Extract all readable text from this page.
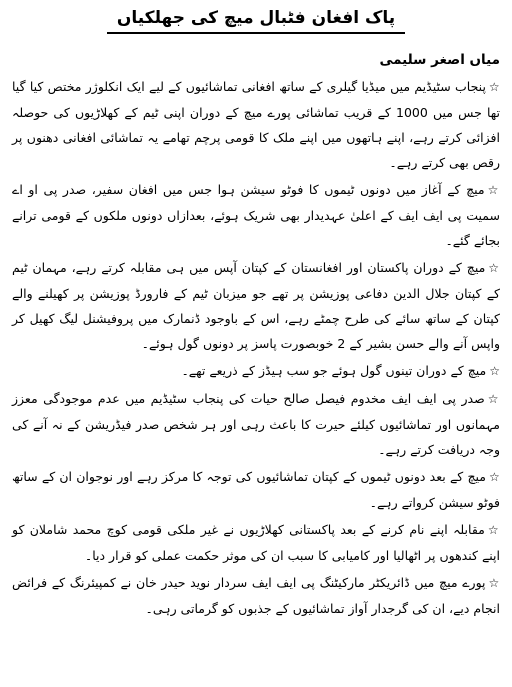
پاک افغان فٹبال میچ کی جھلکیاں
میاں اصغر سلیمی

☆پنجاب سٹیڈیم میں میڈیا گیلری کے ساتھ افغانی تماشائیوں کے لیے ایک انکلوژر مختص کیا گیا تھا جس میں 1000 کے قریب تماشائی پورے میچ کے دوران اپنی ٹیم کے کھلاڑیوں کی حوصلہ افزائی کرتے رہے، اپنے ہاتھوں میں اپنے ملک کا قومی پرچم تھامے یہ تماشائی افغانی دھنوں پر رقص بھی کرتے رہے۔

☆میچ کے آغاز میں دونوں ٹیموں کا فوٹو سیشن ہوا جس میں افغان سفیر، صدر پی او اے سمیت پی ایف ایف کے اعلیٰ عہدیدار بھی شریک ہوئے، بعدازاں دونوں ملکوں کے قومی ترانے بجائے گئے۔

☆میچ کے دوران پاکستان اور افغانستان کے کپتان آپس میں ہی مقابلہ کرتے رہے، مہمان ٹیم کے کپتان جلال الدین دفاعی پوزیشن پر تھے جو میزبان ٹیم کے فارورڈ پوزیشن پر کھیلنے والے کپتان کے ساتھ سائے کی طرح چمٹے رہے، اس کے باوجود ڈنمارک میں پروفیشنل لیگ کھیل کر واپس آنے والے حسن بشیر کے 2 خوبصورت پاسز پر دونوں گول ہوئے۔

☆میچ کے دوران تینوں گول ہوئے جو سب ہیڈز کے ذریعے تھے۔

☆صدر پی ایف ایف مخدوم فیصل صالح حیات کی پنجاب سٹیڈیم میں عدم موجودگی معزز مہمانوں اور تماشائیوں کیلئے حیرت کا باعث رہی اور ہر شخص صدر فیڈریشن کے نہ آنے کی وجہ دریافت کرتے رہے۔

☆میچ کے بعد دونوں ٹیموں کے کپتان تماشائیوں کی توجہ کا مرکز رہے اور نوجوان ان کے ساتھ فوٹو سیشن کرواتے رہے۔

☆مقابلہ اپنے نام کرنے کے بعد پاکستانی کھلاڑیوں نے غیر ملکی قومی کوچ محمد شاملان کو اپنے کندھوں پر اٹھالیا اور کامیابی کا سبب ان کی موثر حکمت عملی کو قرار دیا۔

☆پورے میچ میں ڈائریکٹر مارکیٹنگ پی ایف ایف سردار نوید حیدر خان نے کمپیئرنگ کے فرائض انجام دیے، ان کی گرجدار آواز تماشائیوں کے جذبوں کو گرماتی رہی۔
